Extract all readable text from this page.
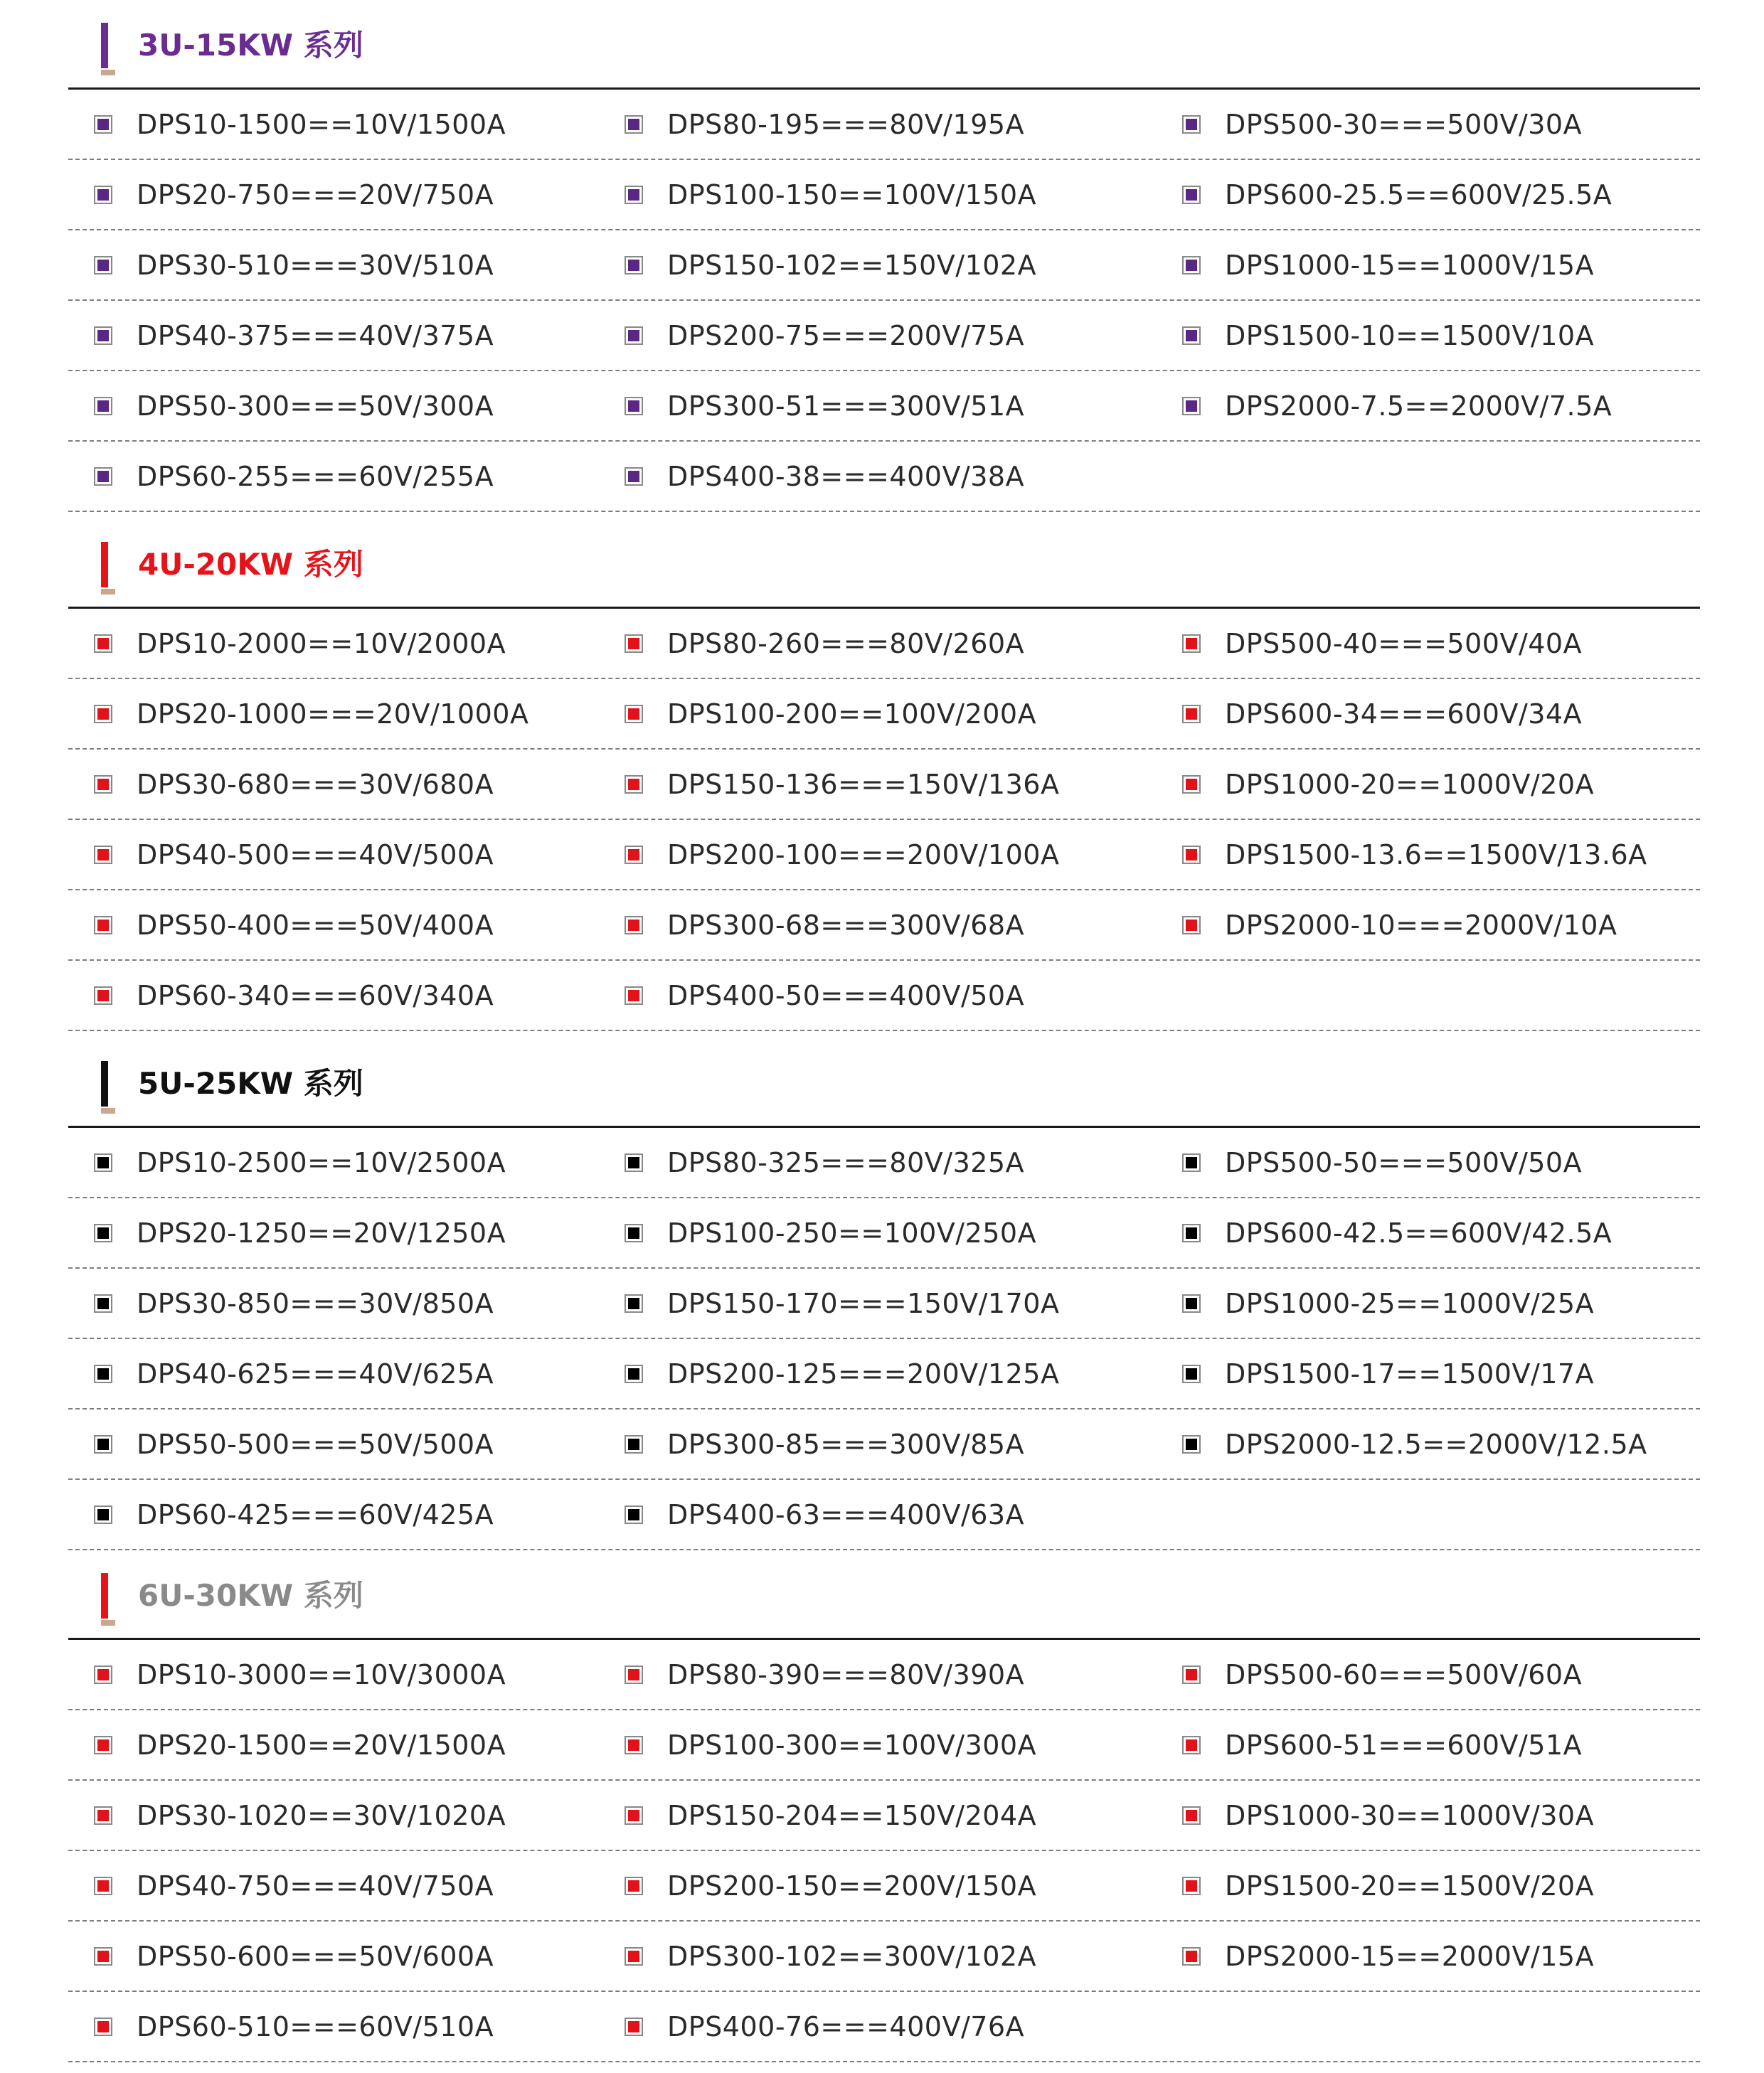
3U-15KW 系列
DPS10-1500==10V/1500A	DPS80-195===80V/195A	DPS500-30===500V/30A
DPS20-750===20V/750A	DPS100-150==100V/150A	DPS600-25.5==600V/25.5A
DPS30-510===30V/510A	DPS150-102==150V/102A	DPS1000-15==1000V/15A
DPS40-375===40V/375A	DPS200-75===200V/75A	DPS1500-10==1500V/10A
DPS50-300===50V/300A	DPS300-51===300V/51A	DPS2000-7.5==2000V/7.5A
DPS60-255===60V/255A	DPS400-38===400V/38A
4U-20KW 系列
DPS10-2000==10V/2000A	DPS80-260===80V/260A	DPS500-40===500V/40A
DPS20-1000===20V/1000A	DPS100-200==100V/200A	DPS600-34===600V/34A
DPS30-680===30V/680A	DPS150-136===150V/136A	DPS1000-20==1000V/20A
DPS40-500===40V/500A	DPS200-100===200V/100A	DPS1500-13.6==1500V/13.6A
DPS50-400===50V/400A	DPS300-68===300V/68A	DPS2000-10===2000V/10A
DPS60-340===60V/340A	DPS400-50===400V/50A
5U-25KW 系列
DPS10-2500==10V/2500A	DPS80-325===80V/325A	DPS500-50===500V/50A
DPS20-1250==20V/1250A	DPS100-250==100V/250A	DPS600-42.5==600V/42.5A
DPS30-850===30V/850A	DPS150-170===150V/170A	DPS1000-25==1000V/25A
DPS40-625===40V/625A	DPS200-125===200V/125A	DPS1500-17==1500V/17A
DPS50-500===50V/500A	DPS300-85===300V/85A	DPS2000-12.5==2000V/12.5A
DPS60-425===60V/425A	DPS400-63===400V/63A
6U-30KW 系列
DPS10-3000==10V/3000A	DPS80-390===80V/390A	DPS500-60===500V/60A
DPS20-1500==20V/1500A	DPS100-300==100V/300A	DPS600-51===600V/51A
DPS30-1020==30V/1020A	DPS150-204==150V/204A	DPS1000-30==1000V/30A
DPS40-750===40V/750A	DPS200-150==200V/150A	DPS1500-20==1500V/20A
DPS50-600===50V/600A	DPS300-102==300V/102A	DPS2000-15==2000V/15A
DPS60-510===60V/510A	DPS400-76===400V/76A
